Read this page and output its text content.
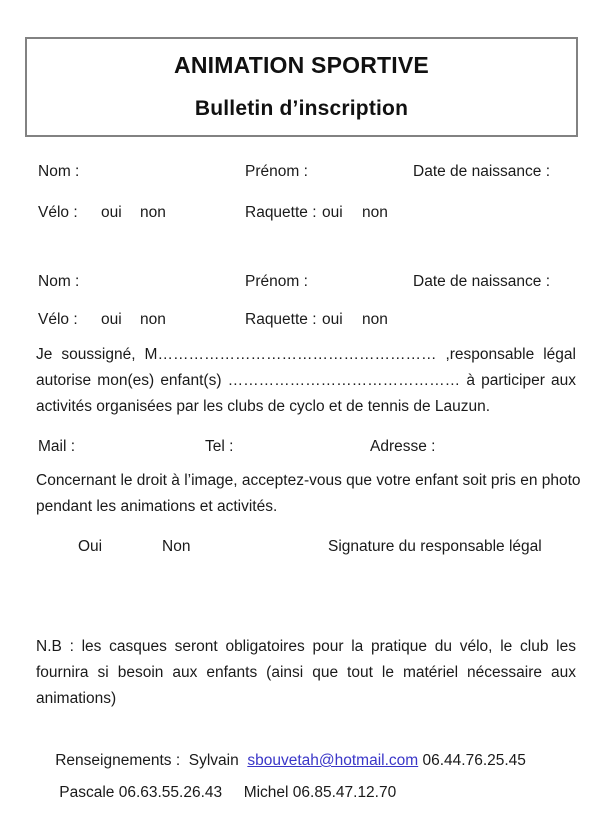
ANIMATION SPORTIVE
Bulletin d’inscription
Nom :	Prénom :	Date de naissance :
Vélo : oui non	Raquette : oui non
Nom :	Prénom :	Date de naissance :
Vélo : oui non	Raquette : oui non
Je soussigné, M……………………………………………… ,responsable légal autorise mon(es) enfant(s) ……………………………………… à participer aux activités organisées par les clubs de cyclo et de tennis de Lauzun.
Mail :	Tel :	Adresse :
Concernant le droit à l’image, acceptez-vous que votre enfant soit pris en photo pendant les animations et activités.
Oui	Non	Signature du responsable légal
N.B : les casques seront obligatoires pour la pratique du vélo, le club les fournira si besoin aux enfants (ainsi que tout le matériel nécessaire aux animations)

Renseignements :  Sylvain  sbouvetah@hotmail.com 06.44.76.25.45

Pascale 06.63.55.26.43 Michel 06.85.47.12.70
